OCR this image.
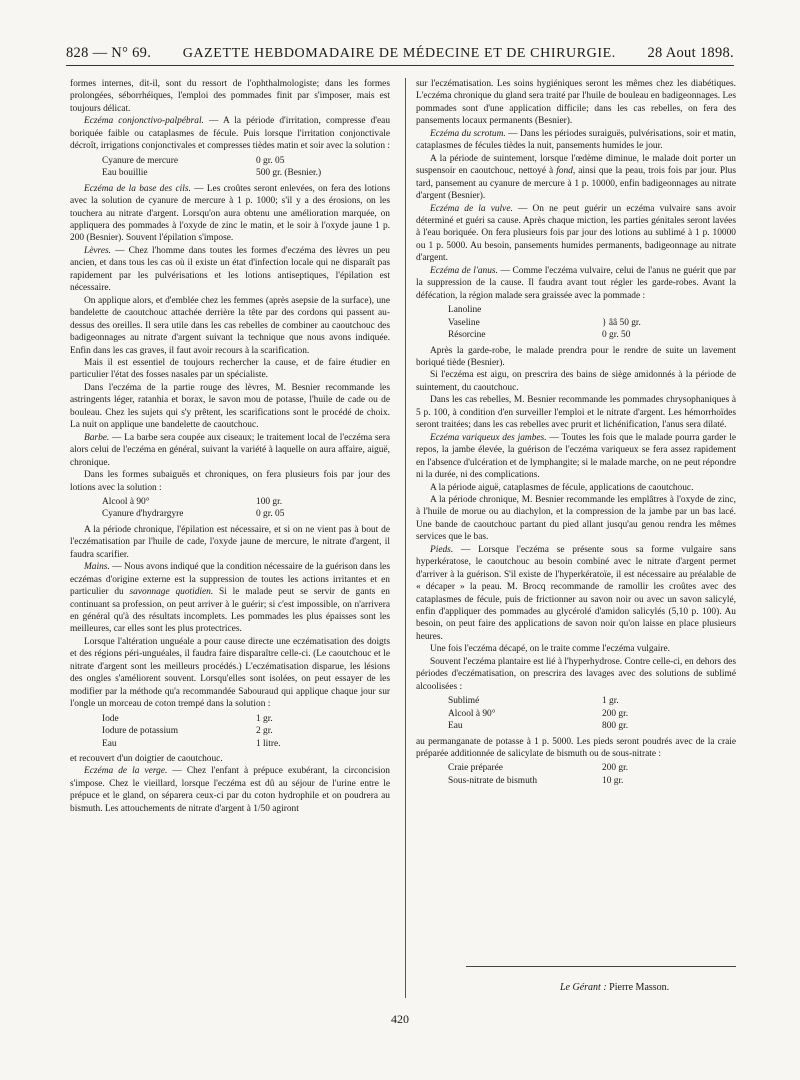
828 — N° 69. GAZETTE HEBDOMADAIRE DE MÉDECINE ET DE CHIRURGIE. 28 Aout 1898.

formes internes, dit-il, sont du ressort de l'ophthalmologiste; dans les formes prolongées, séborrhéiques, l'emploi des pommades finit par s'imposer, mais est toujours délicat.

Eczéma conjonctivo-palpébral. — A la période d'irritation, compresse d'eau boriquée faible ou cataplasmes de fécule. Puis lorsque l'irritation conjonctivale décroît, irrigations conjonctivales et compresses tièdes matin et soir avec la solution :

Cyanure de mercure	0 gr. 05
Eau bouillie	500 gr. (Besnier.)

Eczéma de la base des cils. — Les croûtes seront enlevées, on fera des lotions avec la solution de cyanure de mercure à 1 p. 1000; s'il y a des érosions, on les touchera au nitrate d'argent. Lorsqu'on aura obtenu une amélioration marquée, on appliquera des pommades à l'oxyde de zinc le matin, et le soir à l'oxyde jaune 1 p. 200 (Besnier). Souvent l'épilation s'impose.

Lèvres. — Chez l'homme dans toutes les formes d'eczéma des lèvres un peu ancien, et dans tous les cas où il existe un état d'infection locale qui ne disparaît pas rapidement par les pulvérisations et les lotions antiseptiques, l'épilation est nécessaire.

On applique alors, et d'emblée chez les femmes (après asepsie de la surface), une bandelette de caoutchouc attachée derrière la tête par des cordons qui passent au-dessus des oreilles. Il sera utile dans les cas rebelles de combiner au caoutchouc des badigeonnages au nitrate d'argent suivant la technique que nous avons indiquée. Enfin dans les cas graves, il faut avoir recours à la scarification.

Mais il est essentiel de toujours rechercher la cause, et de faire étudier en particulier l'état des fosses nasales par un spécialiste.

Dans l'eczéma de la partie rouge des lèvres, M. Besnier recommande les astringents léger, ratanhia et borax, le savon mou de potasse, l'huile de cade ou de bouleau. Chez les sujets qui s'y prêtent, les scarifications sont le procédé de choix. La nuit on applique une bandelette de caoutchouc.

Barbe. — La barbe sera coupée aux ciseaux; le traitement local de l'eczéma sera alors celui de l'eczéma en général, suivant la variété à laquelle on aura affaire, aiguë, chronique.

Dans les formes subaiguës et chroniques, on fera plusieurs fois par jour des lotions avec la solution :

Alcool à 90°	100 gr.
Cyanure d'hydrargyre	0 gr. 05

A la période chronique, l'épilation est nécessaire, et si on ne vient pas à bout de l'eczématisation par l'huile de cade, l'oxyde jaune de mercure, le nitrate d'argent, il faudra scarifier.

Mains. — Nous avons indiqué que la condition nécessaire de la guérison dans les eczémas d'origine externe est la suppression de toutes les actions irritantes et en particulier du savonnage quotidien. Si le malade peut se servir de gants en continuant sa profession, on peut arriver à le guérir; si c'est impossible, on n'arrivera en général qu'à des résultats incomplets. Les pommades les plus épaisses sont les meilleures, car elles sont les plus protectrices.

Lorsque l'altération unguéale a pour cause directe une eczématisation des doigts et des régions péri-unguéales, il faudra faire disparaître celle-ci. (Le caoutchouc et le nitrate d'argent sont les meilleurs procédés.) L'eczématisation disparue, les lésions des ongles s'améliorent souvent. Lorsqu'elles sont isolées, on peut essayer de les modifier par la méthode qu'a recommandée Sabouraud qui applique chaque jour sur l'ongle un morceau de coton trempé dans la solution :

Iode	1 gr.
Iodure de potassium	2 gr.
Eau	1 litre.

et recouvert d'un doigtier de caoutchouc.

Eczéma de la verge. — Chez l'enfant à prépuce exubérant, la circoncision s'impose. Chez le vieillard, lorsque l'eczéma est dû au séjour de l'urine entre le prépuce et le gland, on séparera ceux-ci par du coton hydrophile et on poudrera au bismuth. Les attouchements de nitrate d'argent à 1/50 agiront

sur l'eczématisation. Les soins hygiéniques seront les mêmes chez les diabétiques. L'eczéma chronique du gland sera traité par l'huile de bouleau en badigeonnages. Les pommades sont d'une application difficile; dans les cas rebelles, on fera des pansements locaux permanents (Besnier).

Eczéma du scrotum. — Dans les périodes suraiguës, pulvérisations, soir et matin, cataplasmes de fécules tièdes la nuit, pansements humides le jour.

A la période de suintement, lorsque l'œdème diminue, le malade doit porter un suspensoir en caoutchouc, nettoyé à fond, ainsi que la peau, trois fois par jour. Plus tard, pansement au cyanure de mercure à 1 p. 10000, enfin badigeonnages au nitrate d'argent (Besnier).

Eczéma de la vulve. — On ne peut guérir un eczéma vulvaire sans avoir déterminé et guéri sa cause. Après chaque miction, les parties génitales seront lavées à l'eau boriquée. On fera plusieurs fois par jour des lotions au sublimé à 1 p. 10000 ou 1 p. 5000. Au besoin, pansements humides permanents, badigeonnage au nitrate d'argent.

Eczéma de l'anus. — Comme l'eczéma vulvaire, celui de l'anus ne guérit que par la suppression de la cause. Il faudra avant tout régler les garde-robes. Avant la défécation, la région malade sera graissée avec la pommade :

Lanoline
Vaseline	} ââ 50 gr.
Résorcine	0 gr. 50

Après la garde-robe, le malade prendra pour le rendre de suite un lavement boriqué tiède (Besnier).

Si l'eczéma est aigu, on prescrira des bains de siège amidonnés à la période de suintement, du caoutchouc.

Dans les cas rebelles, M. Besnier recommande les pommades chrysophaniques à 5 p. 100, à condition d'en surveiller l'emploi et le nitrate d'argent. Les hémorrhoïdes seront traitées; dans les cas rebelles avec prurit et lichénification, l'anus sera dilaté.

Eczéma variqueux des jambes. — Toutes les fois que le malade pourra garder le repos, la jambe élevée, la guérison de l'eczéma variqueux se fera assez rapidement en l'absence d'ulcération et de lymphangite; si le malade marche, on ne peut répondre ni la durée, ni des complications.

A la période aiguë, cataplasmes de fécule, applications de caoutchouc.

A la période chronique, M. Besnier recommande les emplâtres à l'oxyde de zinc, à l'huile de morue ou au diachylon, et la compression de la jambe par un bas lacé. Une bande de caoutchouc partant du pied allant jusqu'au genou rendra les mêmes services que le bas.

Pieds. — Lorsque l'eczéma se présente sous sa forme vulgaire sans hyperkératose, le caoutchouc au besoin combiné avec le nitrate d'argent permet d'arriver à la guérison. S'il existe de l'hyperkératoïe, il est nécessaire au préalable de « décaper » la peau. M. Brocq recommande de ramollir les croûtes avec des cataplasmes de fécule, puis de frictionner au savon noir ou avec un savon salicylé, enfin d'appliquer des pommades au glycérolé d'amidon salicylés (5,10 p. 100). Au besoin, on peut faire des applications de savon noir qu'on laisse en place plusieurs heures.

Une fois l'eczéma décapé, on le traite comme l'eczéma vulgaire.

Souvent l'eczéma plantaire est lié à l'hyperhydrose. Contre celle-ci, en dehors des périodes d'eczématisation, on prescrira des lavages avec des solutions de sublimé alcoolisées :

Sublimé	1 gr.
Alcool à 90°	200 gr.
Eau	800 gr.

au permanganate de potasse à 1 p. 5000. Les pieds seront poudrés avec de la craie préparée additionnée de salicylate de bismuth ou de sous-nitrate :

Craie préparée	200 gr.
Sous-nitrate de bismuth	10 gr.
Le Gérant : Pierre Masson.
420
